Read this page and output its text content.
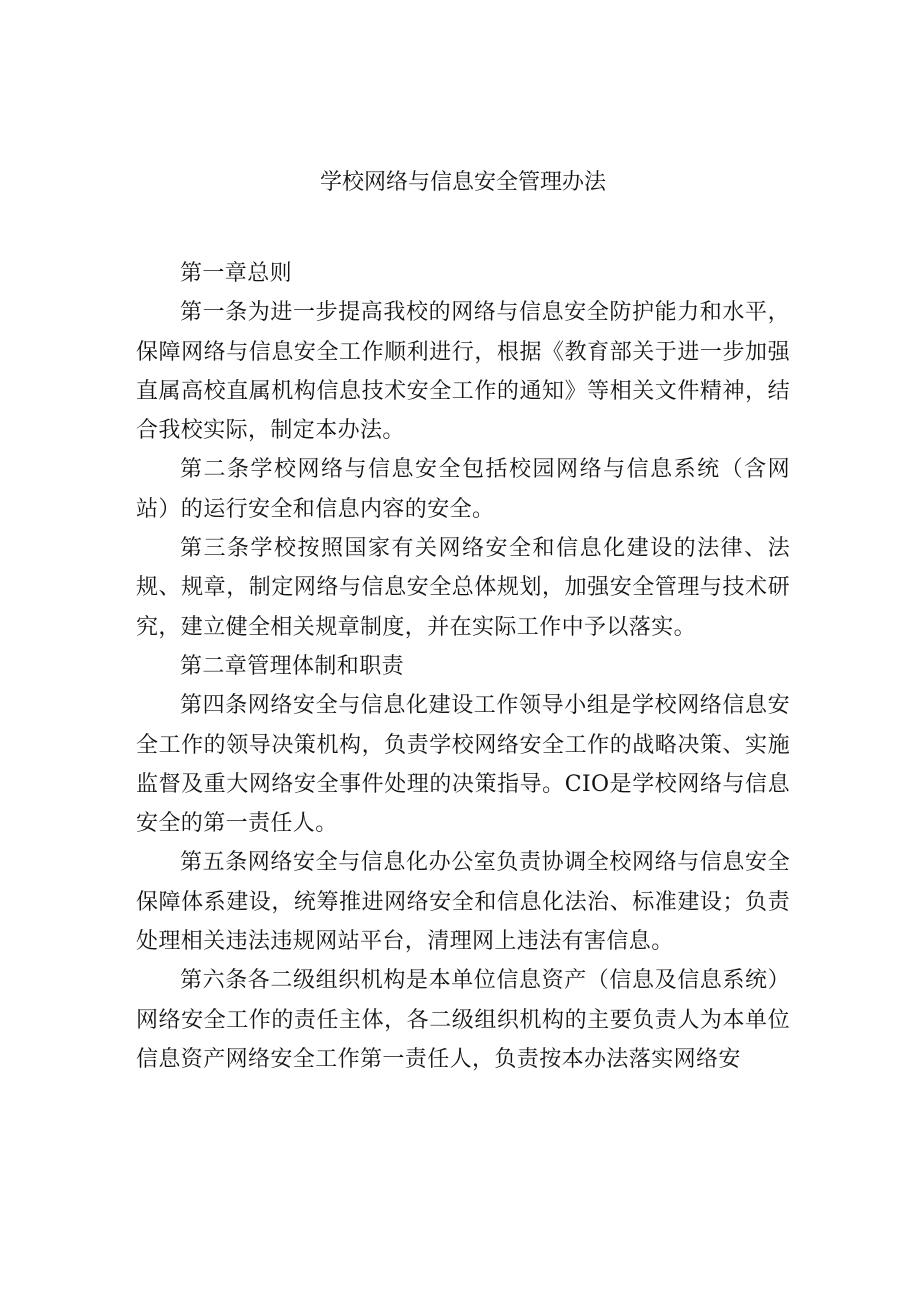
学校网络与信息安全管理办法

第一章总则

第一条为进一步提高我校的网络与信息安全防护能力和水平，保障网络与信息安全工作顺利进行，根据《教育部关于进一步加强直属高校直属机构信息技术安全工作的通知》等相关文件精神，结合我校实际，制定本办法。

第二条学校网络与信息安全包括校园网络与信息系统（含网站）的运行安全和信息内容的安全。

第三条学校按照国家有关网络安全和信息化建设的法律、法规、规章，制定网络与信息安全总体规划，加强安全管理与技术研究，建立健全相关规章制度，并在实际工作中予以落实。

第二章管理体制和职责

第四条网络安全与信息化建设工作领导小组是学校网络信息安全工作的领导决策机构，负责学校网络安全工作的战略决策、实施监督及重大网络安全事件处理的决策指导。CIO是学校网络与信息安全的第一责任人。

第五条网络安全与信息化办公室负责协调全校网络与信息安全保障体系建设，统筹推进网络安全和信息化法治、标准建设；负责处理相关违法违规网站平台，清理网上违法有害信息。

第六条各二级组织机构是本单位信息资产（信息及信息系统）网络安全工作的责任主体，各二级组织机构的主要负责人为本单位信息资产网络安全工作第一责任人，负责按本办法落实网络安
